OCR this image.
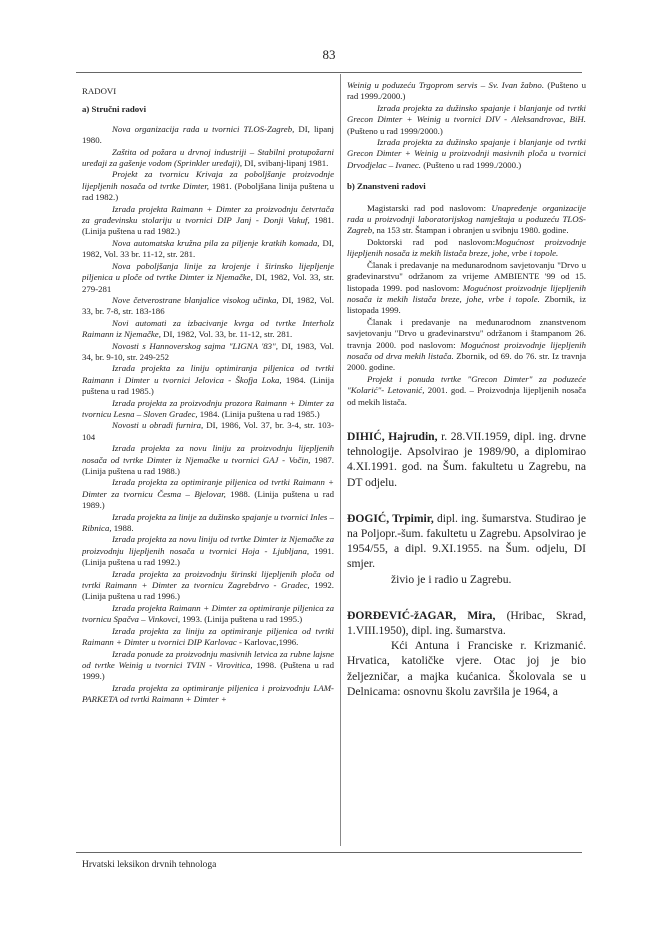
83

RADOVI

a) Stručni radovi

Nova organizacija rada u tvornici TLOS-Zagreb, DI, lipanj 1980.

Zaštita od požara u drvnoj industriji – Stabilni protupožarni uređaji za gašenje vodom (Sprinkler uređaji), DI, svibanj-lipanj 1981.

Projekt za tvornicu Krivaja za poboljšanje proizvodnje lijepljenih nosača od tvrtke Dimter, 1981. (Poboljšana linija puštena u rad 1982.)

Izrada projekta Raimann + Dimter za proizvodnju četvrtača za građevinsku stolariju u tvornici DIP Janj - Donji Vakuf, 1981. (Linija puštena u rad 1982.)

Nova automatska kružna pila za piljenje kratkih komada, DI, 1982, Vol. 33 br. 11-12, str. 281.

Nova poboljšanja linije za krojenje i širinsko lijepljenje piljenica u ploče od tvrtke Dimter iz Njemačke, DI, 1982, Vol. 33, str. 279-281

Nove četverostrane blanjalice visokog učinka, DI, 1982, Vol. 33, br. 7-8, str. 183-186

Novi automati za izbacivanje kvrga od tvrtke Interholz Raimann iz Njemačke, DI, 1982, Vol. 33, br. 11-12, str. 281.

Novosti s Hannoverskog sajma "LIGNA '83", DI, 1983, Vol. 34, br. 9-10, str. 249-252

Izrada projekta za liniju optimiranja piljenica od tvrtki Raimann i Dimter u tvornici Jelovica - Škofja Loka, 1984. (Linija puštena u rad 1985.)

Izrada projekta za proizvodnju prozora Raimann + Dimter za tvornicu Lesna – Sloven Gradec, 1984. (Linija puštena u rad 1985.)

Novosti u obradi furnira, DI, 1986, Vol. 37, br. 3-4, str. 103-104

Izrada projekta za novu liniju za proizvodnju lijepljenih nosača od tvrtke Dimter iz Njemačke u tvornici GAJ - Vočin, 1987. (Linija puštena u rad 1988.)

Izrada projekta za optimiranje piljenica od tvrtki Raimann + Dimter za tvornicu Česma – Bjelovar, 1988. (Linija puštena u rad 1989.)

Izrada projekta za linije za dužinsko spajanje u tvornici Inles – Ribnica, 1988.

Izrada projekta za novu liniju od tvrtke Dimter iz Njemačke za proizvodnju lijepljenih nosača u tvornici Hoja - Ljubljana, 1991. (Linija puštena u rad 1992.)

Izrada projekta za proizvodnju širinski lijepljenih ploča od tvrtki Raimann + Dimter za tvornicu Zagrebdrvo - Gradec, 1992. (Linija puštena u rad 1996.)

Izrada projekta Raimann + Dimter za optimiranje piljenica za tvornicu Spačva – Vinkovci, 1993. (Linija puštena u rad 1995.)

Izrada projekta za liniju za optimiranje piljenica od tvrtki Raimann + Dimter u tvornici DIP Karlovac - Karlovac,1996.

Izrada ponude za proizvodnju masivnih letvica za rubne lajsne od tvrtke Weinig u tvornici TVIN - Virovitica, 1998. (Puštena u rad 1999.)

Izrada projekta za optimiranje piljenica i proizvodnju LAM-PARKETA od tvrtki Raimann + Dimter +

Weinig u poduzeću Trgoprom servis – Sv. Ivan žabno. (Pušteno u rad 1999./2000.)

Izrada projekta za dužinsko spajanje i blanjanje od tvrtki Grecon Dimter + Weinig u tvornici DIV - Aleksandrovac, BiH. (Pušteno u rad 1999/2000.)

Izrada projekta za dužinsko spajanje i blanjanje od tvrtki Grecon Dimter + Weinig u proizvodnji masivnih ploča u tvornici Drvodjelac – Ivanec. (Pušteno u rad 1999./2000.)

b) Znanstveni radovi

Magistarski rad pod naslovom: Unapređenje organizacije rada u proizvodnji laboratorijskog namještaja u poduzeću TLOS-Zagreb, na 153 str. Štampan i obranjen u svibnju 1980. godine.

Doktorski rad pod naslovom:Mogućnost proizvodnje lijepljenih nosača iz mekih listača breze, johe, vrbe i topole.

Članak i predavanje na međunarodnom savjetovanju "Drvo u građevinarstvu" održanom za vrijeme AMBIENTE '99 od 15. listopada 1999. pod naslovom: Mogućnost proizvodnje lijepljenih nosača iz mekih listača breze, johe, vrbe i topole. Zbornik, iz listopada 1999.

Članak i predavanje na međunarodnom znanstvenom savjetovanju "Drvo u građevinarstvu" održanom i štampanom 26. travnja 2000. pod naslovom: Mogućnost proizvodnje lijepljenih nosača od drva mekih listača. Zbornik, od 69. do 76. str. Iz travnja 2000. godine.

Projekt i ponuda tvrtke "Grecon Dimter" za poduzeće "Kolarić"- Letovanić, 2001. god. – Proizvodnja lijepljenih nosača od mekih listača.

DIHIĆ, Hajrudin, r. 28.VII.1959, dipl. ing. drvne tehnologije. Apsolvirao je 1989/90, a diplomirao 4.XI.1991. god. na Šum. fakultetu u Zagrebu, na DT odjelu.

ĐOGIĆ, Trpimir, dipl. ing. šumarstva. Studirao je na Poljopr.-šum. fakultetu u Zagrebu. Apsolvirao je 1954/55, a dipl. 9.XI.1955. na Šum. odjelu, DI smjer.

živio je i radio u Zagrebu.

ĐORĐEVIĆ-žAGAR, Mira, (Hribac, Skrad, 1.VIII.1950), dipl. ing. šumarstva.

Kći Antuna i Franciske r. Krizmanić. Hrvatica, katoličke vjere. Otac joj je bio željezničar, a majka kućanica. Školovala se u Delnicama: osnovnu školu završila je 1964, a

Hrvatski leksikon drvnih tehnologa
